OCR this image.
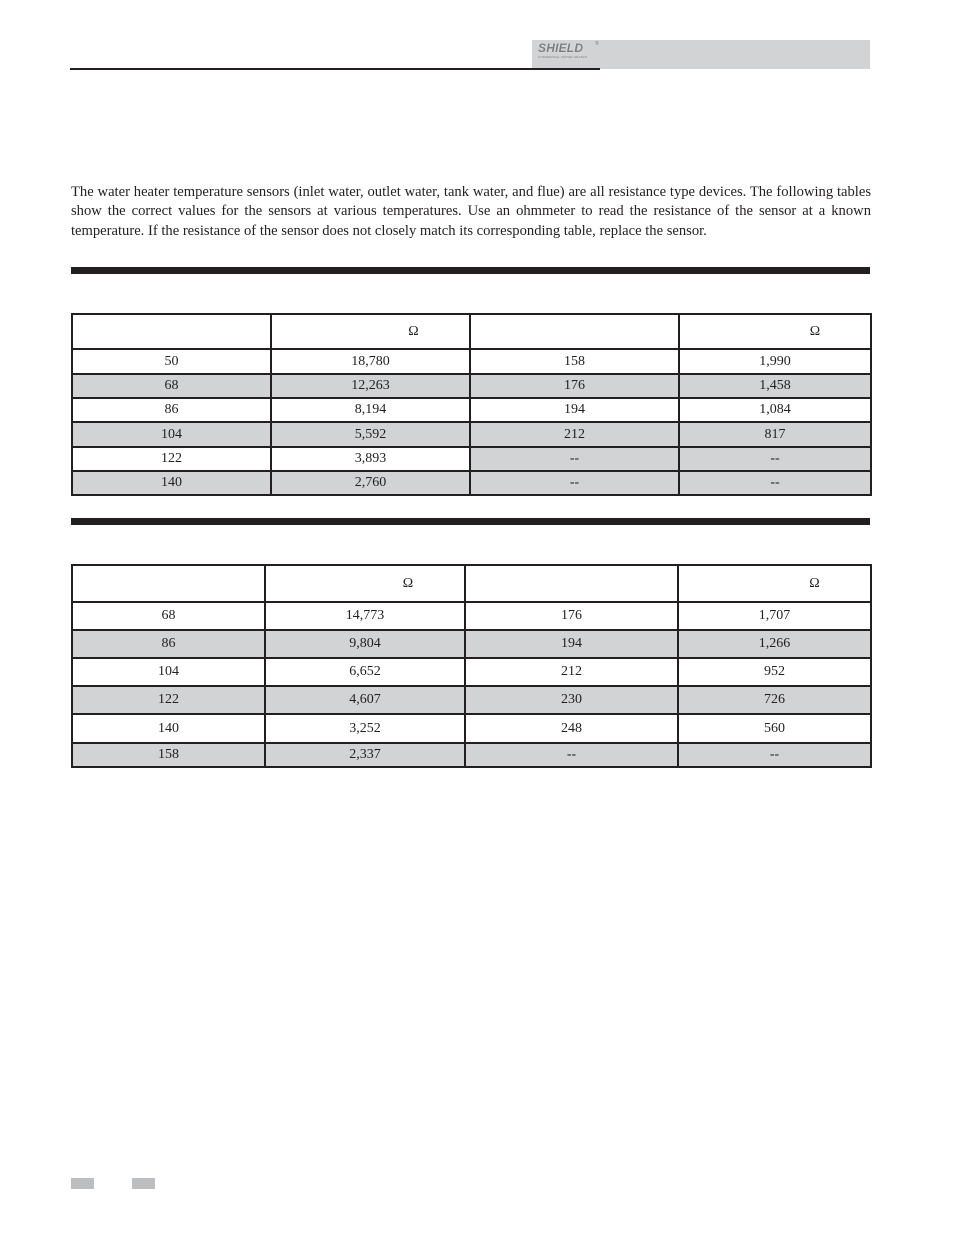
SHIELD	®
COMMERCIAL WATER HEATER

The water heater temperature sensors (inlet water, outlet water, tank water, and flue) are all resistance type devices. The following tables show the correct values for the sensors at various temperatures. Use an ohmmeter to read the resistance of the sensor at a known temperature. If the resistance of the sensor does not closely match its corresponding table, replace the sensor.

	Ω		Ω
50	18,780	158	1,990
68	12,263	176	1,458
86	8,194	194	1,084
104	5,592	212	817
122	3,893	--	--
140	2,760	--	--
	Ω		Ω
68	14,773	176	1,707
86	9,804	194	1,266
104	6,652	212	952
122	4,607	230	726
140	3,252	248	560
158	2,337	--	--
